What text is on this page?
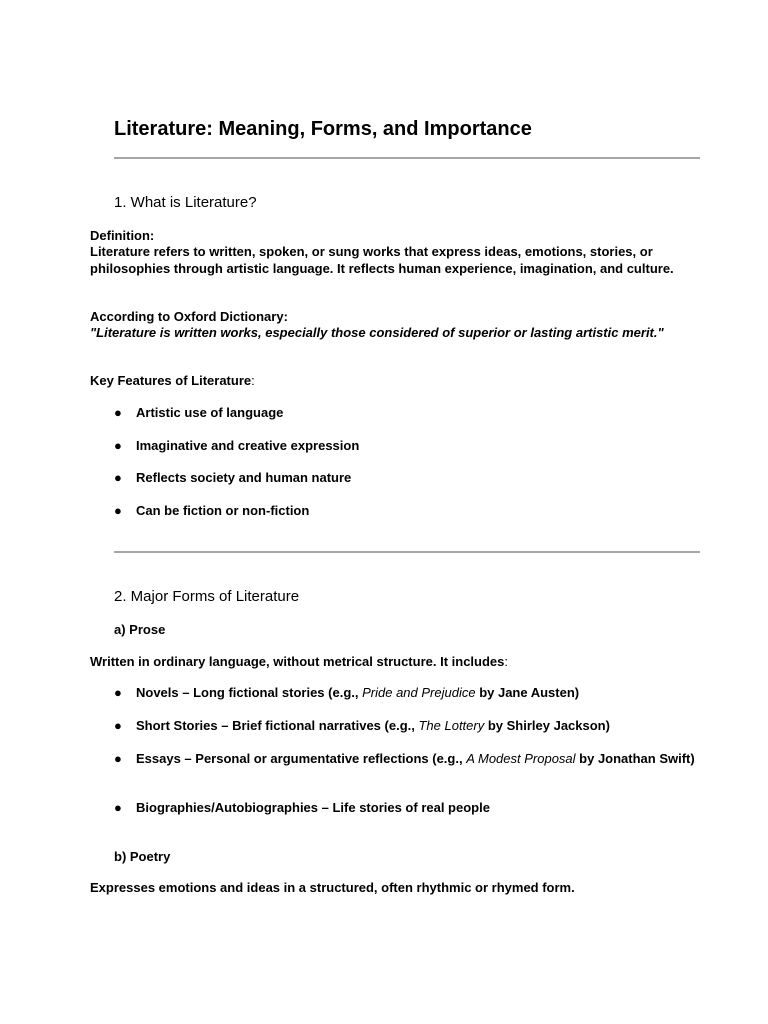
Literature: Meaning, Forms, and Importance
1. What is Literature?

Definition:
Literature refers to written, spoken, or sung works that express ideas, emotions, stories, or philosophies through artistic language. It reflects human experience, imagination, and culture.

According to Oxford Dictionary:
"Literature is written works, especially those considered of superior or lasting artistic merit."

Key Features of Literature:

● Artistic use of language
● Imaginative and creative expression
● Reflects society and human nature
● Can be fiction or non-fiction
2. Major Forms of Literature
a) Prose

Written in ordinary language, without metrical structure. It includes:

● Novels – Long fictional stories (e.g., Pride and Prejudice by Jane Austen)
● Short Stories – Brief fictional narratives (e.g., The Lottery by Shirley Jackson)
● Essays – Personal or argumentative reflections (e.g., A Modest Proposal by Jonathan Swift)
● Biographies/Autobiographies – Life stories of real people
b) Poetry

Expresses emotions and ideas in a structured, often rhythmic or rhymed form.
